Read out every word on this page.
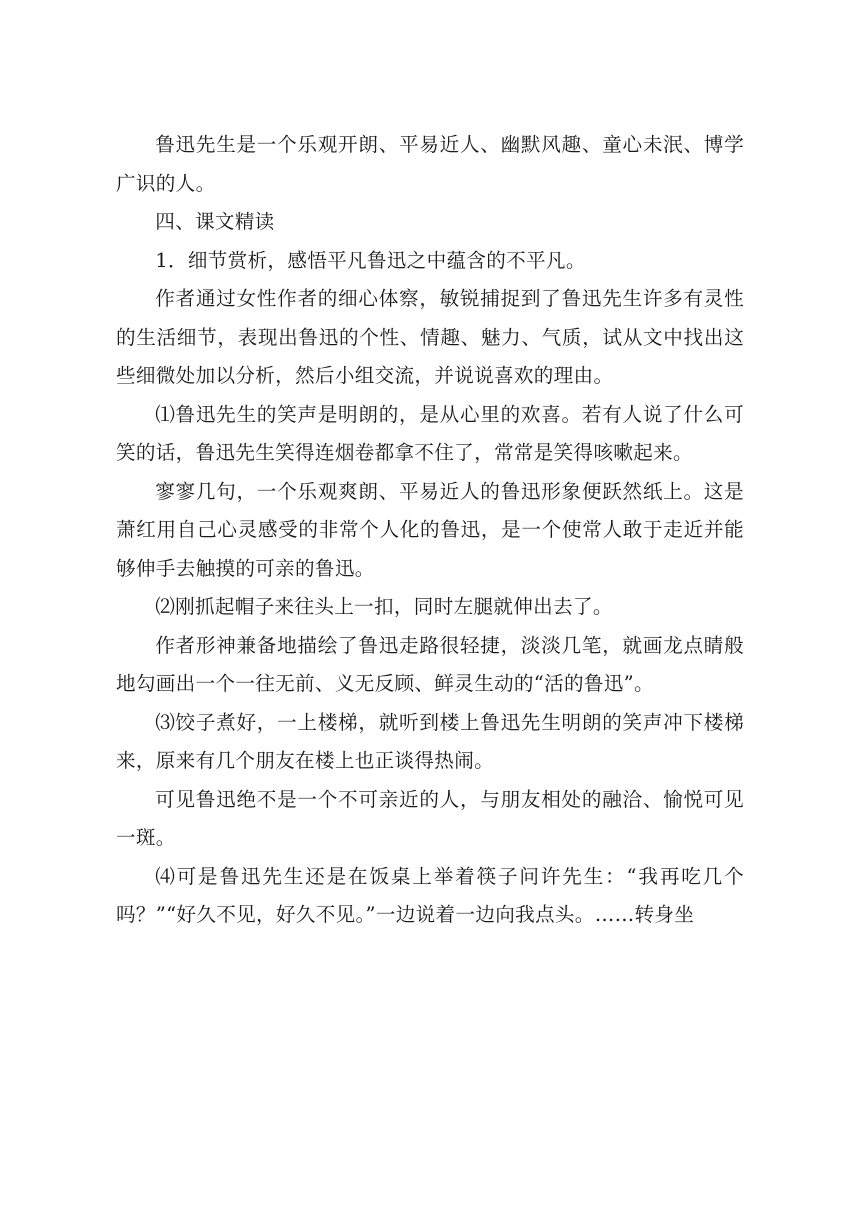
鲁迅先生是一个乐观开朗、平易近人、幽默风趣、童心未泯、博学广识的人。

四、课文精读

1．细节赏析，感悟平凡鲁迅之中蕴含的不平凡。

作者通过女性作者的细心体察，敏锐捕捉到了鲁迅先生许多有灵性的生活细节，表现出鲁迅的个性、情趣、魅力、气质，试从文中找出这些细微处加以分析，然后小组交流，并说说喜欢的理由。

⑴鲁迅先生的笑声是明朗的，是从心里的欢喜。若有人说了什么可笑的话，鲁迅先生笑得连烟卷都拿不住了，常常是笑得咳嗽起来。

寥寥几句，一个乐观爽朗、平易近人的鲁迅形象便跃然纸上。这是萧红用自己心灵感受的非常个人化的鲁迅，是一个使常人敢于走近并能够伸手去触摸的可亲的鲁迅。

⑵刚抓起帽子来往头上一扣，同时左腿就伸出去了。

作者形神兼备地描绘了鲁迅走路很轻捷，淡淡几笔，就画龙点睛般地勾画出一个一往无前、义无反顾、鲜灵生动的“活的鲁迅”。

⑶饺子煮好，一上楼梯，就听到楼上鲁迅先生明朗的笑声冲下楼梯来，原来有几个朋友在楼上也正谈得热闹。

可见鲁迅绝不是一个不可亲近的人，与朋友相处的融洽、愉悦可见一斑。

⑷可是鲁迅先生还是在饭桌上举着筷子问许先生：“我再吃几个吗？”“好久不见，好久不见。”一边说着一边向我点头。……转身坐
